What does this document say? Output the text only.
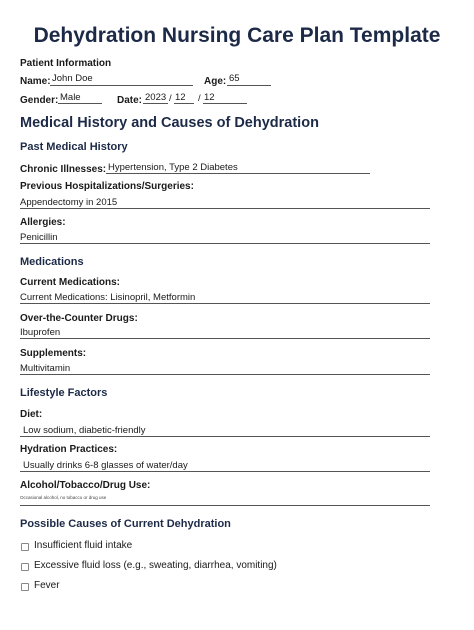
Dehydration Nursing Care Plan Template
Patient Information
Name: John Doe	Age: 65
Gender: Male	Date: 2023 / 12 / 12
Medical History and Causes of Dehydration
Past Medical History
Chronic Illnesses: Hypertension, Type 2 Diabetes
Previous Hospitalizations/Surgeries:
Appendectomy in 2015
Allergies:
Penicillin
Medications
Current Medications:
Current Medications: Lisinopril, Metformin
Over-the-Counter Drugs:
Ibuprofen
Supplements:
Multivitamin
Lifestyle Factors
Diet:
Low sodium, diabetic-friendly
Hydration Practices:
Usually drinks 6-8 glasses of water/day
Alcohol/Tobacco/Drug Use:
Occasional alcohol, no tobacco or drug use
Possible Causes of Current Dehydration
Insufficient fluid intake
Excessive fluid loss (e.g., sweating, diarrhea, vomiting)
Fever
